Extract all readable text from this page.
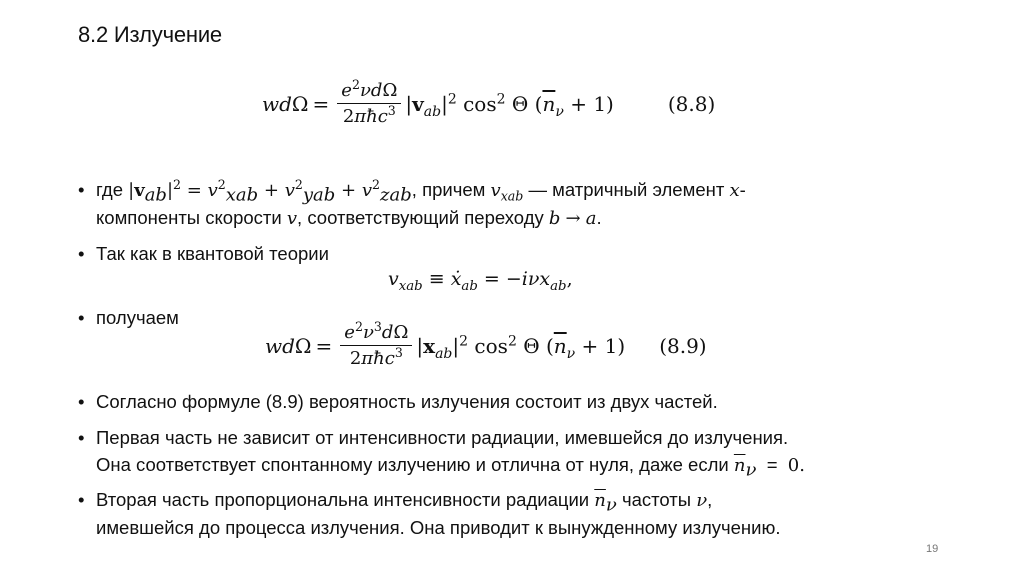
8.2 Излучение
wd $\Omega = \frac{e^2\nu d\Omega}{2\pi ħc^3} |v_{ab}|^2$ $\cos^2 \Theta$ $(\overline{n}_\nu + 1)$	(8.8)
• где $|v_{ab}|^2 = v^2_{xab} + v^2_{yab} + v^2_{zab}$, причем $v_{xab}$ — матричный элемент x-
компоненты скорости v, соответствующий переходу b → a.
• Так как в квантовой теории
$v_{xab}$ ≡ ẋ$_{ab}$ = −iνx$_{ab}$,
• получаем
wd $\Omega = \frac{e^2\nu^3d\Omega}{2\pi ħc^3} |x_{ab}|^2$ $\cos^2 \Theta$ $(\overline{n}_\nu + 1)$ (8.9)
• Согласно формуле (8.9) вероятность излучения состоит из двух частей.
• Первая часть не зависит от интенсивности радиации, имевшейся до излучения.
Она соответствует спонтанному излучению и отлична от нуля, даже если $\overline{n}_\nu = 0$.
• Вторая часть пропорциональна интенсивности радиации $\overline{n}_\nu$ частоты ν,
имевшейся до процесса излучения. Она приводит к вынужденному излучению.
19
